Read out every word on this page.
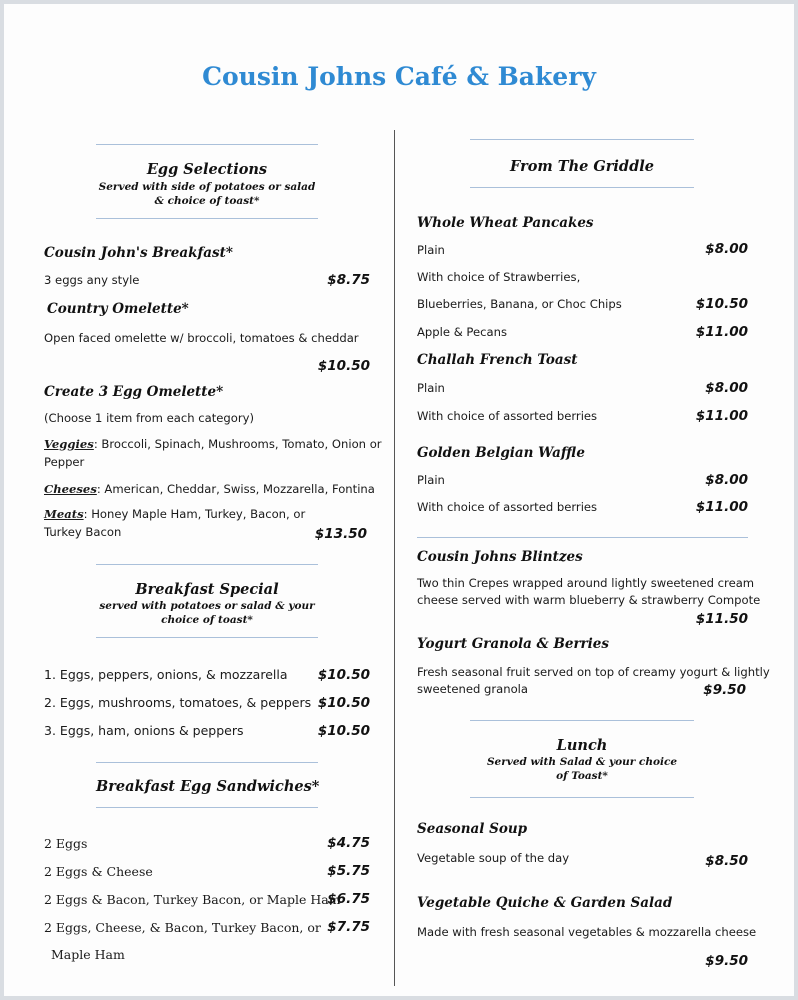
Cousin Johns Café & Bakery
Egg Selections
Served with side of potatoes or salad & choice of toast*
Cousin John's Breakfast*
3 eggs any style	$8.75
Country Omelette*
Open faced omelette w/ broccoli, tomatoes & cheddar
$10.50
Create 3 Egg Omelette*
(Choose 1 item from each category)
Veggies: Broccoli, Spinach, Mushrooms, Tomato, Onion or Pepper
Cheeses: American, Cheddar, Swiss, Mozzarella, Fontina
Meats: Honey Maple Ham, Turkey, Bacon, or Turkey Bacon	$13.50
Breakfast Special
served with potatoes or salad & your choice of toast*
1. Eggs, peppers, onions, & mozzarella $10.50
2. Eggs, mushrooms, tomatoes, & peppers $10.50
3. Eggs, ham, onions & peppers	$10.50
Breakfast Egg Sandwiches*
2 Eggs	$4.75
2 Eggs & Cheese	$5.75
2 Eggs & Bacon, Turkey Bacon, or Maple Ham
$6.75
2 Eggs, Cheese, & Bacon, Turkey Bacon, or $7.75
Maple Ham
From The Griddle
Whole Wheat Pancakes
Plain	$8.00
With choice of Strawberries,
Blueberries, Banana, or Choc Chips	$10.50
Apple & Pecans	$11.00
Challah French Toast
Plain	$8.00
With choice of assorted berries	$11.00
Golden Belgian Waffle
Plain	$8.00
With choice of assorted berries	$11.00
Cousin Johns Blintzes
Two thin Crepes wrapped around lightly sweetened cream
cheese served with warm blueberry & strawberry Compote
$11.50
Yogurt Granola & Berries
Fresh seasonal fruit served on top of creamy yogurt & lightly
sweetened granola	$9.50
Lunch
Served with Salad & your choice of Toast*
Seasonal Soup
Vegetable soup of the day	$8.50
Vegetable Quiche & Garden Salad
Made with fresh seasonal vegetables & mozzarella cheese
$9.50
